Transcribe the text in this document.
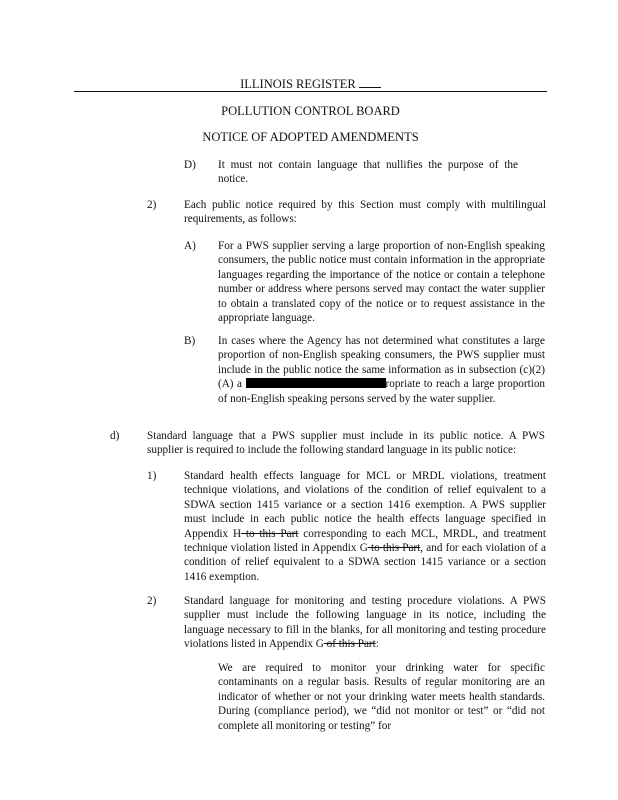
ILLINOIS REGISTER
POLLUTION CONTROL BOARD
NOTICE OF ADOPTED AMENDMENTS
D) It must not contain language that nullifies the purpose of the notice.
2) Each public notice required by this Section must comply with multilingual requirements, as follows:
A) For a PWS supplier serving a large proportion of non-English speaking consumers, the public notice must contain information in the appropriate languages regarding the importance of the notice or contain a telephone number or address where persons served may contact the water supplier to obtain a translated copy of the notice or to request assistance in the appropriate language.
B) In cases where the Agency has not determined what constitutes a large proportion of non-English speaking consumers, the PWS supplier must include in the public notice the same information as in subsection (c)(2)(A) a	ropriate to reach a large proportion of non-English speaking persons served by the water supplier.
d) Standard language that a PWS supplier must include in its public notice. A PWS supplier is required to include the following standard language in its public notice:
1) Standard health effects language for MCL or MRDL violations, treatment technique violations, and violations of the condition of relief equivalent to a SDWA section 1415 variance or a section 1416 exemption. A PWS supplier must include in each public notice the health effects language specified in Appendix H to this Part corresponding to each MCL, MRDL, and treatment technique violation listed in Appendix G to this Part, and for each violation of a condition of relief equivalent to a SDWA section 1415 variance or a section 1416 exemption.
2) Standard language for monitoring and testing procedure violations. A PWS supplier must include the following language in its notice, including the language necessary to fill in the blanks, for all monitoring and testing procedure violations listed in Appendix G of this Part:
We are required to monitor your drinking water for specific contaminants on a regular basis. Results of regular monitoring are an indicator of whether or not your drinking water meets health standards. During (compliance period), we “did not monitor or test” or “did not complete all monitoring or testing” for
